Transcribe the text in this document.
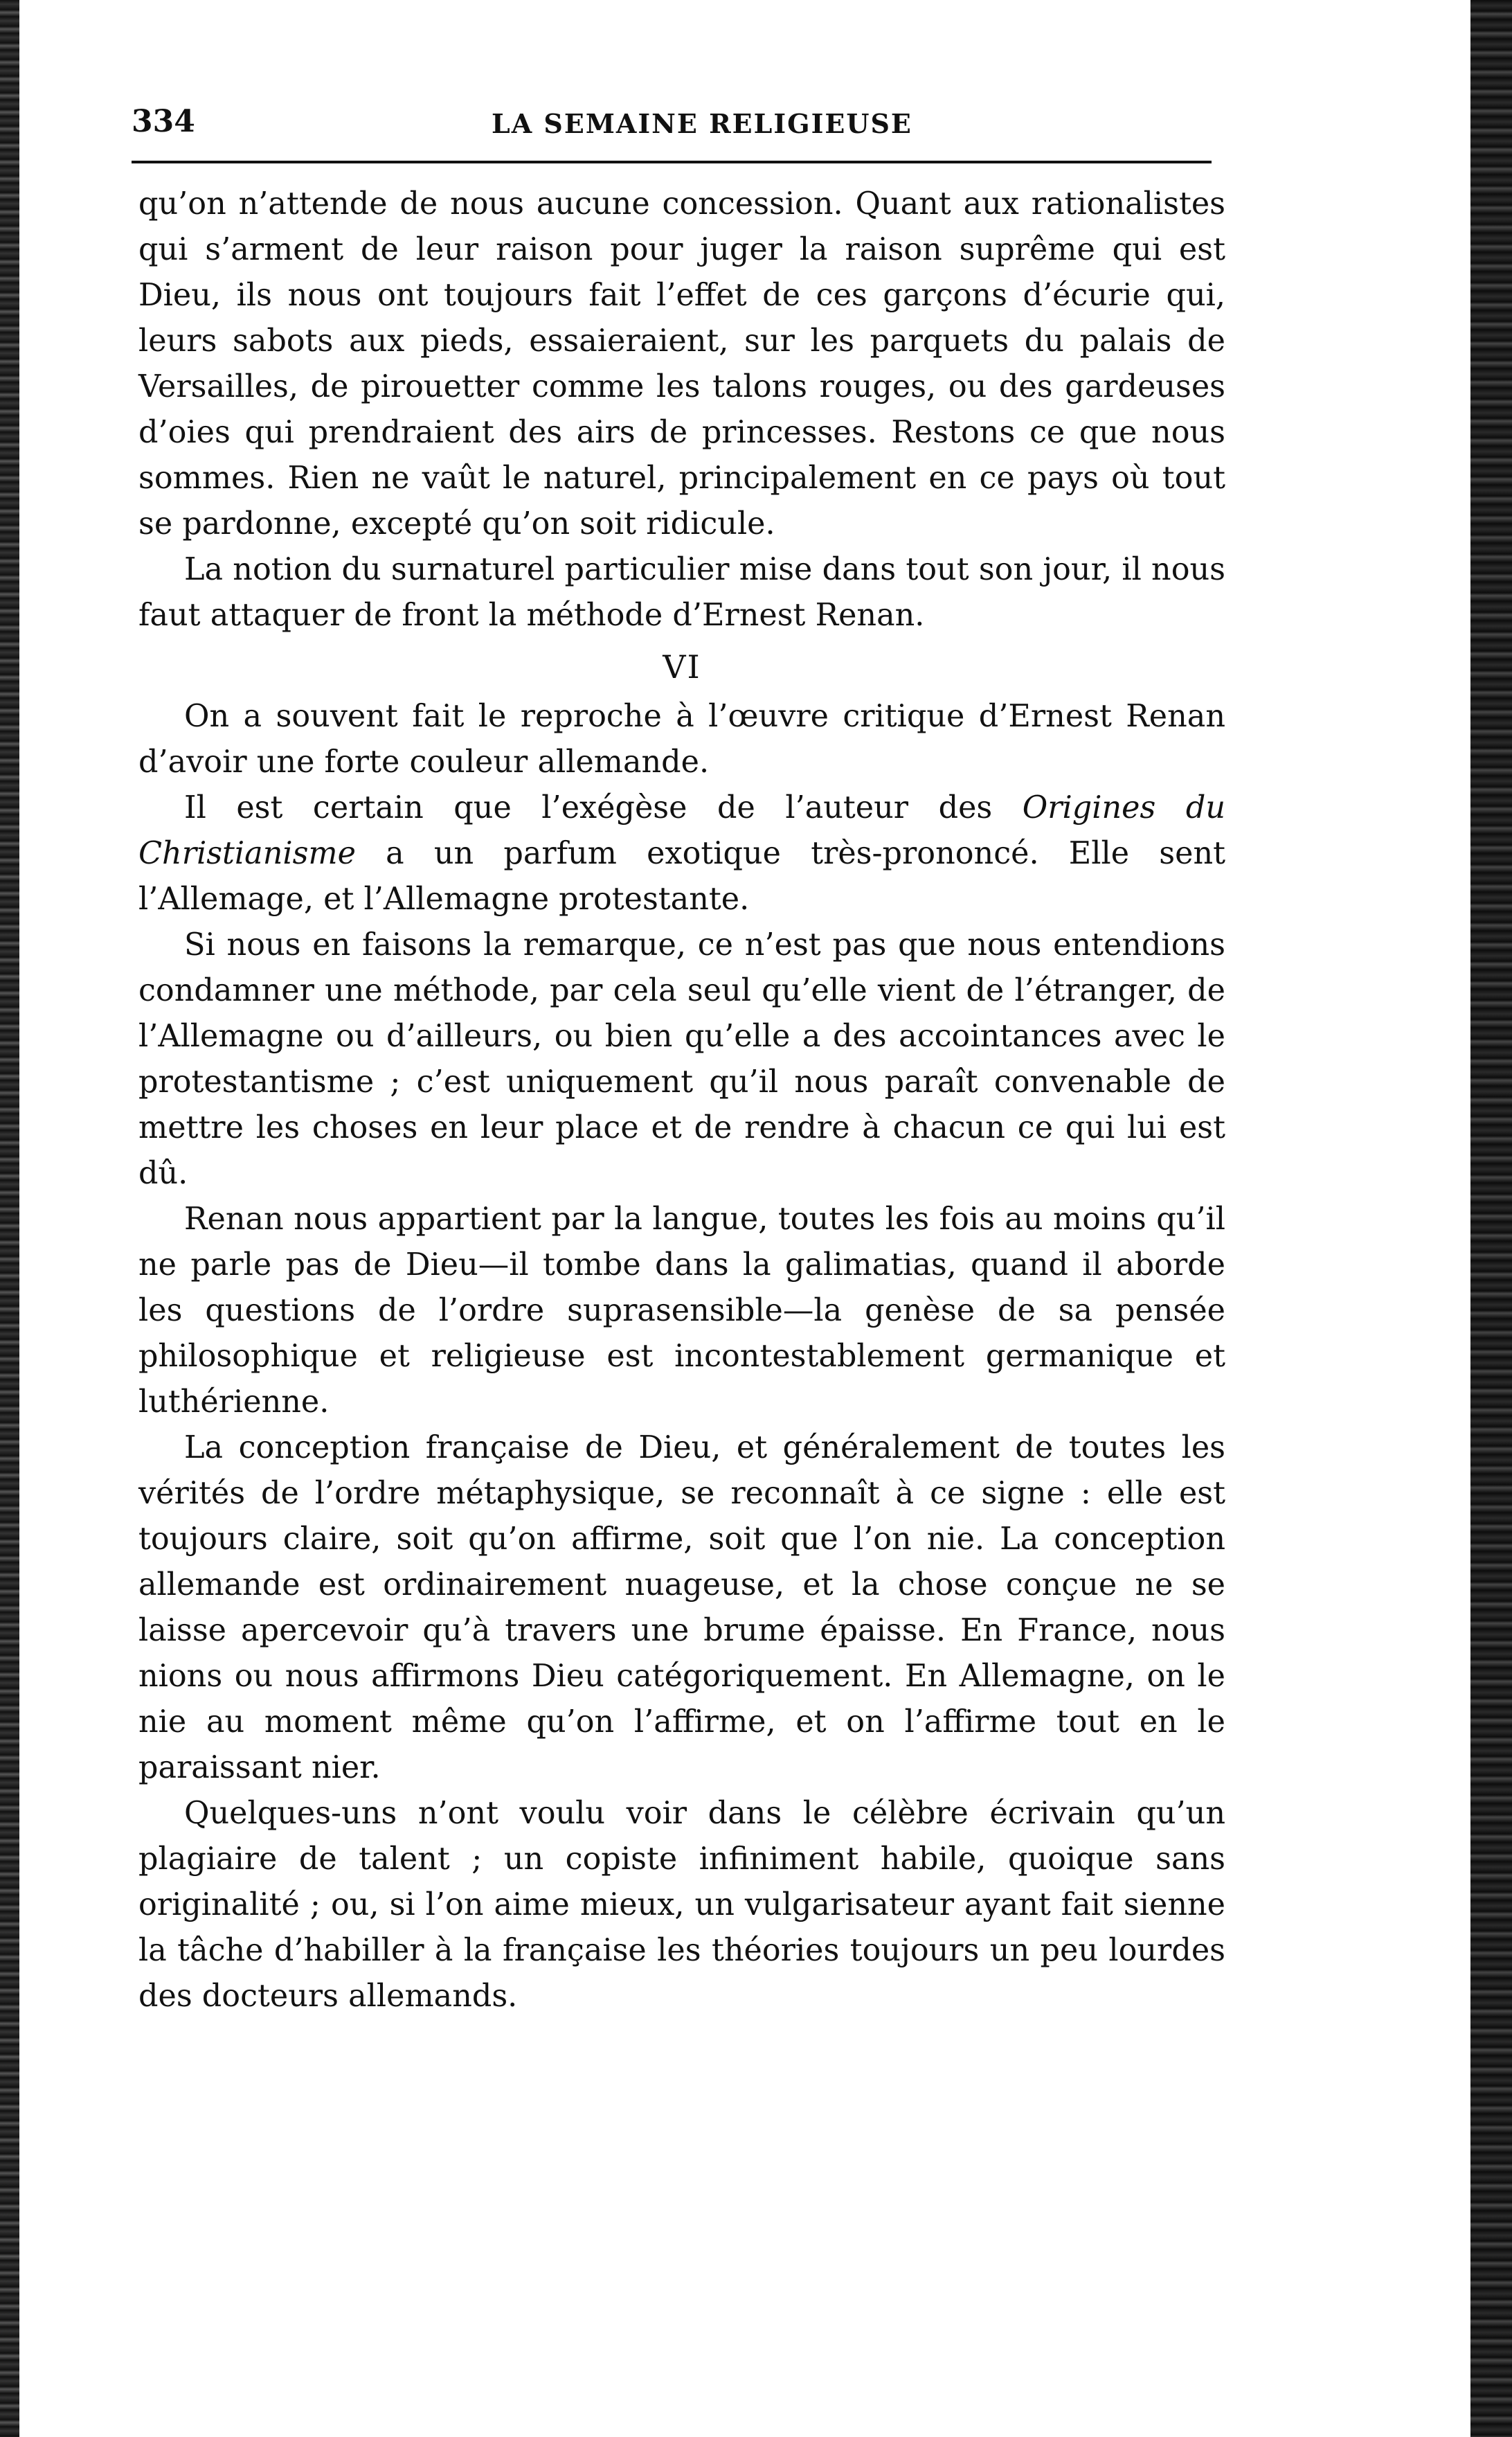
334	LA SEMAINE RELIGIEUSE

qu’on n’attende de nous aucune concession. Quant aux rationalistes qui s’arment de leur raison pour juger la raison suprême qui est Dieu, ils nous ont toujours fait l’effet de ces garçons d’écurie qui, leurs sabots aux pieds, essaieraient, sur les parquets du palais de Versailles, de pirouetter comme les talons rouges, ou des gardeuses d’oies qui prendraient des airs de princesses. Restons ce que nous sommes. Rien ne vaût le naturel, principalement en ce pays où tout se pardonne, excepté qu’on soit ridicule.

La notion du surnaturel particulier mise dans tout son jour, il nous faut attaquer de front la méthode d’Ernest Renan.

VI

On a souvent fait le reproche à l’œuvre critique d’Ernest Renan d’avoir une forte couleur allemande.

Il est certain que l’exégèse de l’auteur des Origines du Christianisme a un parfum exotique très-prononcé. Elle sent l’Allemage, et l’Allemagne protestante.

Si nous en faisons la remarque, ce n’est pas que nous entendions condamner une méthode, par cela seul qu’elle vient de l’étranger, de l’Allemagne ou d’ailleurs, ou bien qu’elle a des accointances avec le protestantisme ; c’est uniquement qu’il nous paraît convenable de mettre les choses en leur place et de rendre à chacun ce qui lui est dû.

Renan nous appartient par la langue, toutes les fois au moins qu’il ne parle pas de Dieu—il tombe dans la galimatias, quand il aborde les questions de l’ordre suprasensible—la genèse de sa pensée philosophique et religieuse est incontestablement germanique et luthérienne.

La conception française de Dieu, et généralement de toutes les vérités de l’ordre métaphysique, se reconnaît à ce signe : elle est toujours claire, soit qu’on affirme, soit que l’on nie. La conception allemande est ordinairement nuageuse, et la chose conçue ne se laisse apercevoir qu’à travers une brume épaisse. En France, nous nions ou nous affirmons Dieu catégoriquement. En Allemagne, on le nie au moment même qu’on l’affirme, et on l’affirme tout en le paraissant nier.

Quelques-uns n’ont voulu voir dans le célèbre écrivain qu’un plagiaire de talent ; un copiste infiniment habile, quoique sans originalité ; ou, si l’on aime mieux, un vulgarisateur ayant fait sienne la tâche d’habiller à la française les théories toujours un peu lourdes des docteurs allemands.
